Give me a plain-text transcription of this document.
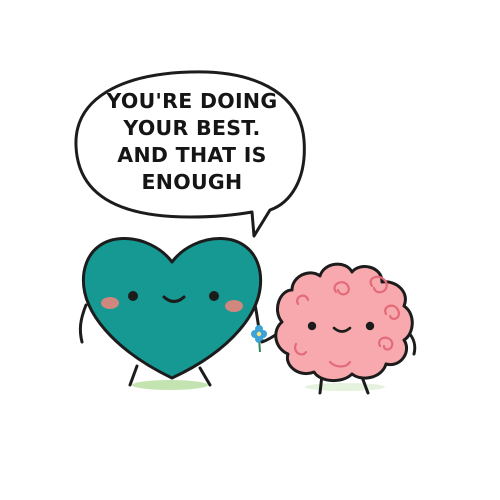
YOU'RE DOING
YOUR BEST.
AND THAT IS
ENOUGH
